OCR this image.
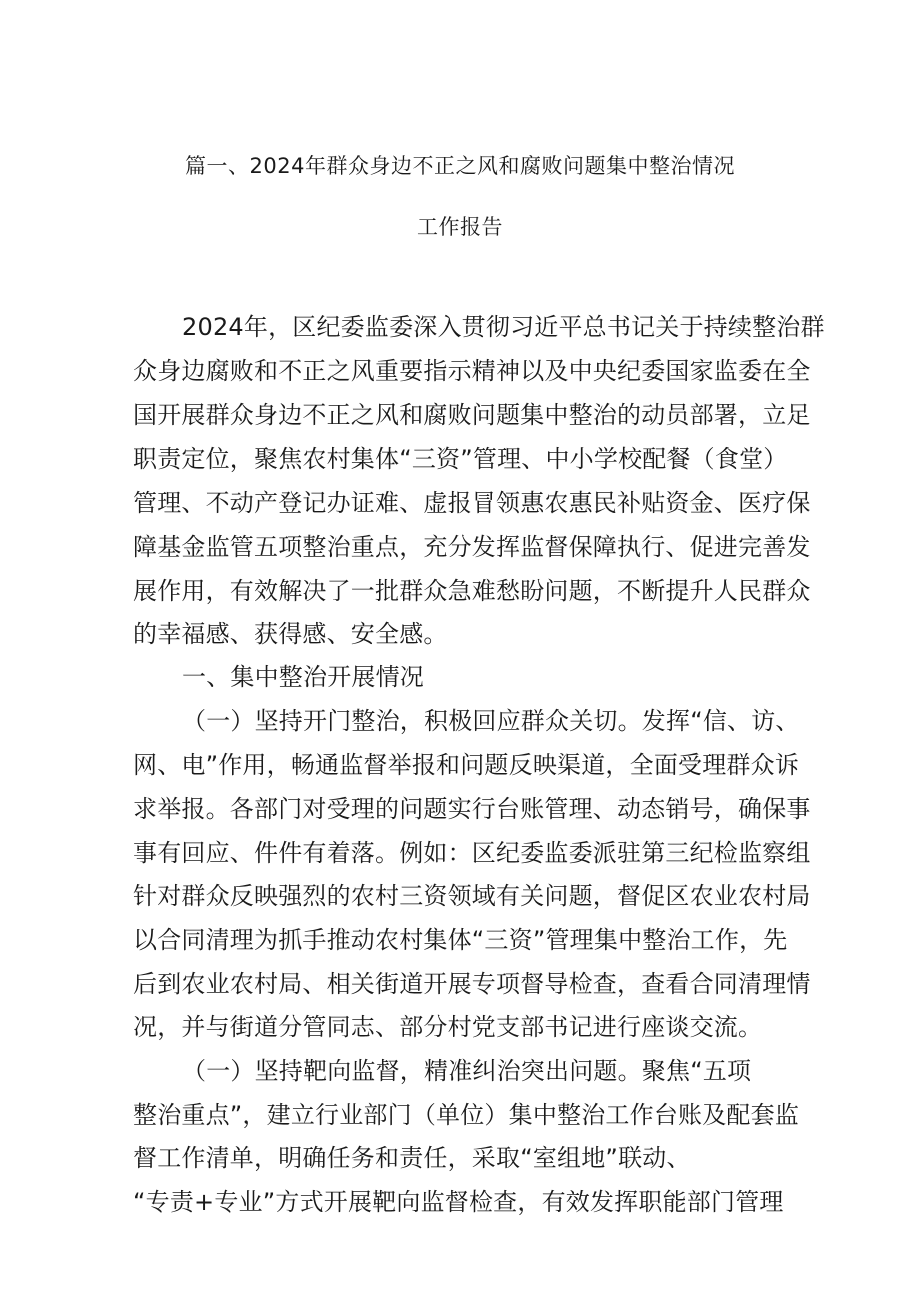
篇一、2024年群众身边不正之风和腐败问题集中整治情况
工作报告
2024年，区纪委监委深入贯彻习近平总书记关于持续整治群
众身边腐败和不正之风重要指示精神以及中央纪委国家监委在全
国开展群众身边不正之风和腐败问题集中整治的动员部署，立足
职责定位，聚焦农村集体“三资”管理、中小学校配餐（食堂）
管理、不动产登记办证难、虚报冒领惠农惠民补贴资金、医疗保
障基金监管五项整治重点，充分发挥监督保障执行、促进完善发
展作用，有效解决了一批群众急难愁盼问题，不断提升人民群众
的幸福感、获得感、安全感。
一、集中整治开展情况
（一）坚持开门整治，积极回应群众关切。发挥“信、访、
网、电”作用，畅通监督举报和问题反映渠道，全面受理群众诉
求举报。各部门对受理的问题实行台账管理、动态销号，确保事
事有回应、件件有着落。例如：区纪委监委派驻第三纪检监察组
针对群众反映强烈的农村三资领域有关问题，督促区农业农村局
以合同清理为抓手推动农村集体“三资”管理集中整治工作，先
后到农业农村局、相关街道开展专项督导检查，查看合同清理情
况，并与街道分管同志、部分村党支部书记进行座谈交流。
（一）坚持靶向监督，精准纠治突出问题。聚焦“五项
整治重点”，建立行业部门（单位）集中整治工作台账及配套监
督工作清单，明确任务和责任，采取“室组地”联动、
“专责+专业”方式开展靶向监督检查，有效发挥职能部门管理
